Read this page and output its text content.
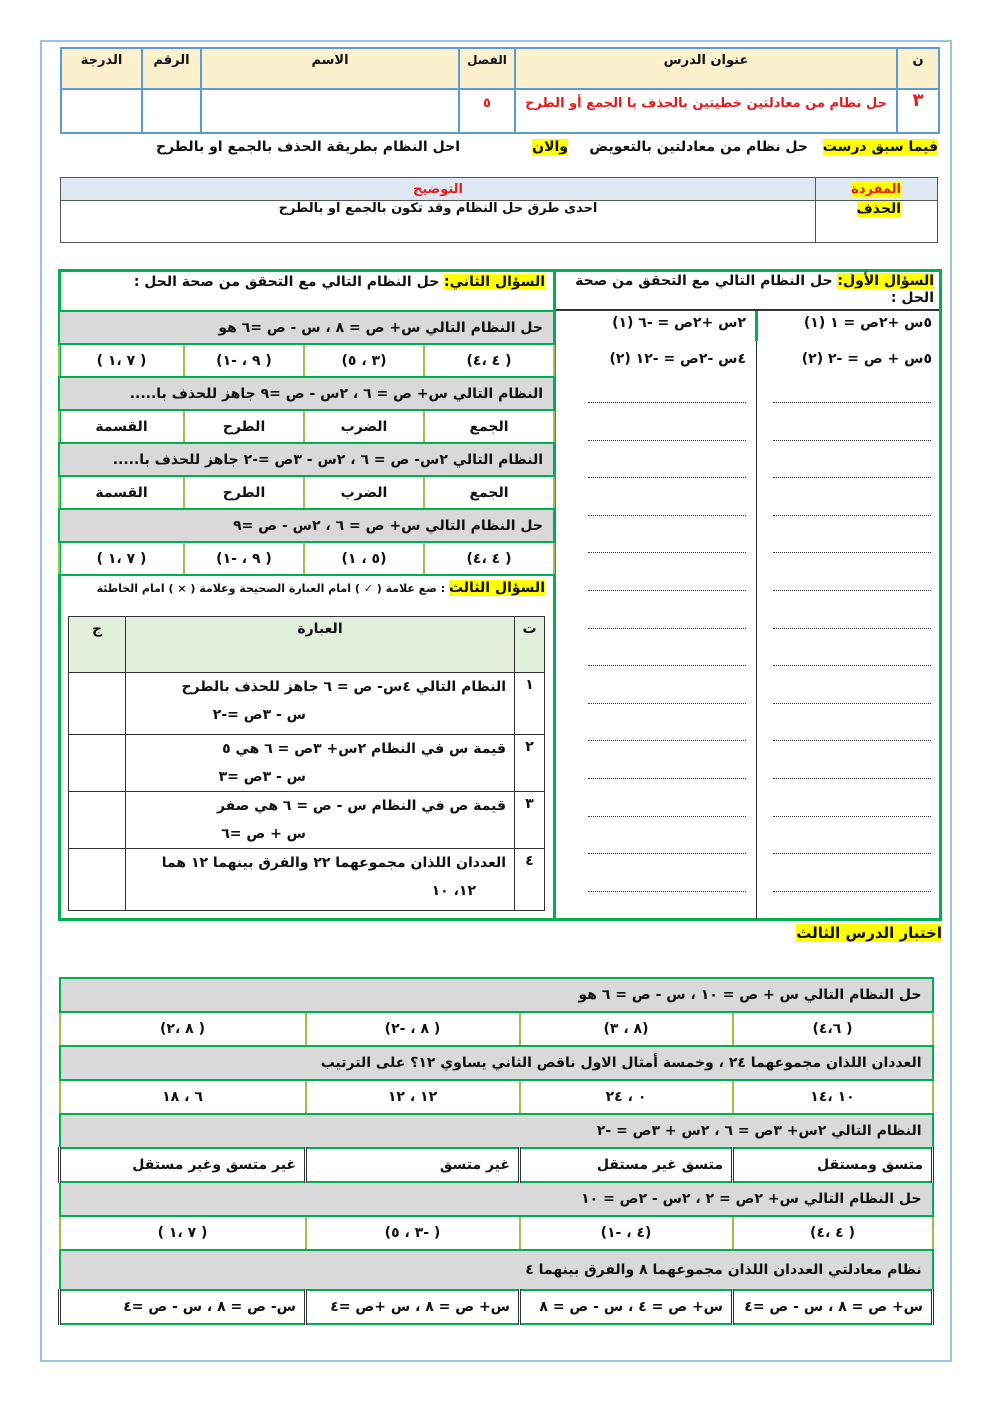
ن	عنوان الدرس	الفصل	الاسم	الرقم	الدرجة
٣	حل نظام من معادلتين خطيتين بالحذف با الجمع أو الطرح	٥			
فيما سبق درست
حل نظام من معادلتين بالتعويض
والان
احل النظام بطريقة الحذف بالجمع او بالطرح
المفردة	التوضيح
الحذف	احدى طرق حل النظام وقد تكون بالجمع او بالطرح
السؤال الأول: حل النظام التالي مع التحقق من صحة الحل :
٥س +٢ص = ١ (١)
٥س + ص = -٢ (٢)
٢س +٢ص = -٦ (١)
٤س -٢ص = -١٢ (٢)
السؤال الثاني: حل النظام التالي مع التحقق من صحة الحل :
حل النظام التالي س+ ص = ٨ ، س - ص =٦ هو			
( ٤ ،٤)	(٣ ، ٥)	( ٩ ، -١)	( ٧ ،١ )
النظام التالي س+ ص = ٦ ، ٢س - ص =٩ جاهز للحذف با.....			
الجمع	الضرب	الطرح	القسمة
النظام التالي ٢س- ص = ٦ ، ٢س - ٣ص =-٢ جاهز للحذف با.....			
الجمع	الضرب	الطرح	القسمة
حل النظام التالي س+ ص = ٦ ، ٢س - ص =٩			
( ٤ ،٤)	(٥ ، ١)	( ٩ ، -١)	( ٧ ،١ )
السؤال الثالث : ضع علامة ( ✓ ) امام العبارة الصحيحة وعلامة ( × ) امام الخاطئة
ت	العبارة	ج
١	النظام التالي ٤س- ص = ٦ جاهز للحذف بالطرح
س - ٣ص =-٢	

٢	قيمة س في النظام ٢س+ ٣ص = ٦ هي ٥
س - ٣ص =٣	

٣	قيمة ص في النظام س - ص = ٦ هي صفر
س + ص =٦	

٤	العددان اللذان مجموعهما ٢٢ والفرق بينهما ١٢ هما
١٢، ١٠	

اختبار الدرس الثالث
حل النظام التالي س + ص = ١٠ ، س - ص = ٦ هو			
( ٤،٦)	(٨ ، ٣)	( ٨ ، -٢)	( ٨ ،٢)
العددان اللذان مجموعهما ٢٤ ، وخمسة أمثال الاول ناقص الثاني يساوي ١٢؟ على الترتيب			
١٠ ،١٤	٠ ، ٢٤	١٢ ، ١٢	٦ ، ١٨
النظام التالي ٢س+ ٣ص = ٦ ، ٢س + ٣ص = -٢			
متسق ومستقل	متسق غير مستقل	غير متسق	غير متسق وغير مستقل
حل النظام التالي س+ ٢ص = ٢ ، ٢س - ٢ص = ١٠			
( ٤ ،٤)	(٤ ، -١)	( -٣ ، ٥)	( ٧ ،١ )
نظام معادلتي العددان اللذان مجموعهما ٨ والفرق بينهما ٤			
س+ ص = ٨ ، س - ص =٤	س+ ص = ٤ ، س - ص = ٨	س+ ص = ٨ ، س +ص =٤	س- ص = ٨ ، س - ص =٤
